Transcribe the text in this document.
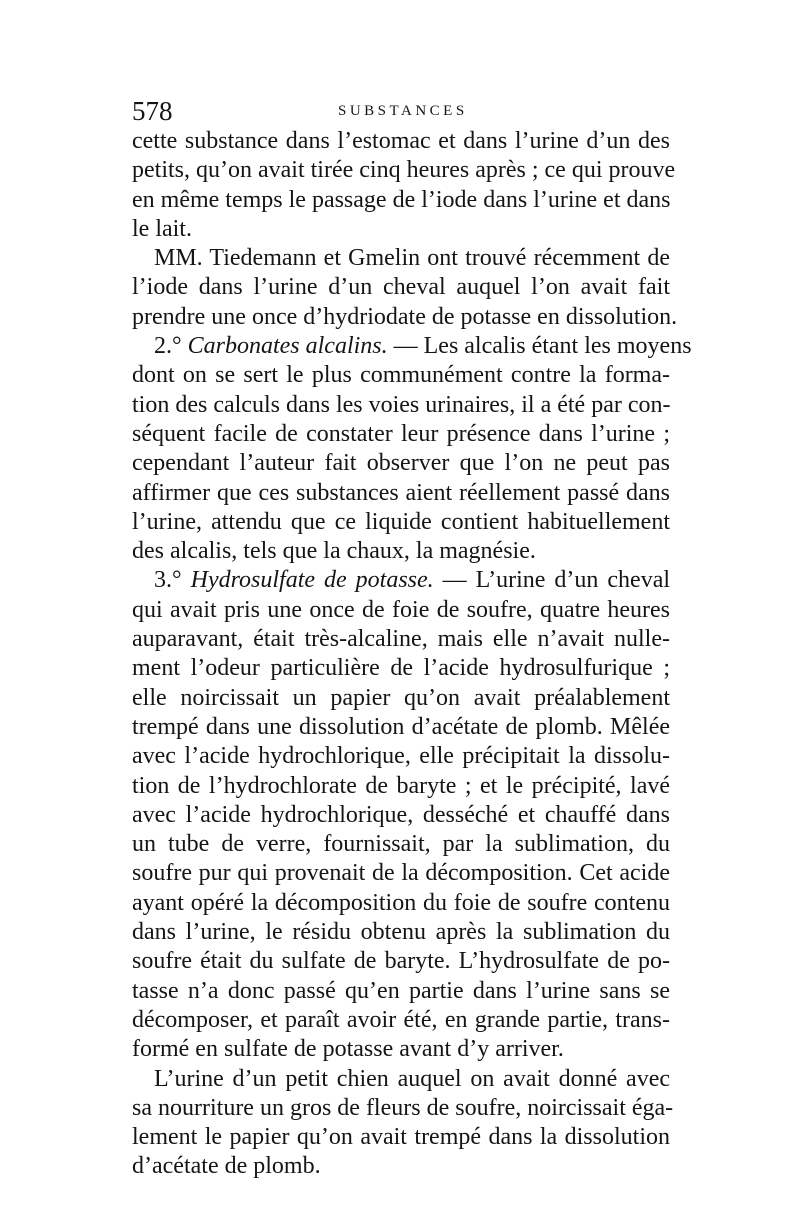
578	SUBSTANCES
cette substance dans l’estomac et dans l’urine d’un des
petits, qu’on avait tirée cinq heures après ; ce qui prouve
en même temps le passage de l’iode dans l’urine et dans
le lait.
MM. Tiedemann et Gmelin ont trouvé récemment de
l’iode dans l’urine d’un cheval auquel l’on avait fait
prendre une once d’hydriodate de potasse en dissolution.
2.° Carbonates alcalins. — Les alcalis étant les moyens
dont on se sert le plus communément contre la forma-
tion des calculs dans les voies urinaires, il a été par con-
séquent facile de constater leur présence dans l’urine ;
cependant l’auteur fait observer que l’on ne peut pas
affirmer que ces substances aient réellement passé dans
l’urine, attendu que ce liquide contient habituellement
des alcalis, tels que la chaux, la magnésie.
3.° Hydrosulfate de potasse. — L’urine d’un cheval
qui avait pris une once de foie de soufre, quatre heures
auparavant, était très-alcaline, mais elle n’avait nulle-
ment l’odeur particulière de l’acide hydrosulfurique ;
elle noircissait un papier qu’on avait préalablement
trempé dans une dissolution d’acétate de plomb. Mêlée
avec l’acide hydrochlorique, elle précipitait la dissolu-
tion de l’hydrochlorate de baryte ; et le précipité, lavé
avec l’acide hydrochlorique, desséché et chauffé dans
un tube de verre, fournissait, par la sublimation, du
soufre pur qui provenait de la décomposition. Cet acide
ayant opéré la décomposition du foie de soufre contenu
dans l’urine, le résidu obtenu après la sublimation du
soufre était du sulfate de baryte. L’hydrosulfate de po-
tasse n’a donc passé qu’en partie dans l’urine sans se
décomposer, et paraît avoir été, en grande partie, trans-
formé en sulfate de potasse avant d’y arriver.
L’urine d’un petit chien auquel on avait donné avec
sa nourriture un gros de fleurs de soufre, noircissait éga-
lement le papier qu’on avait trempé dans la dissolution
d’acétate de plomb.
